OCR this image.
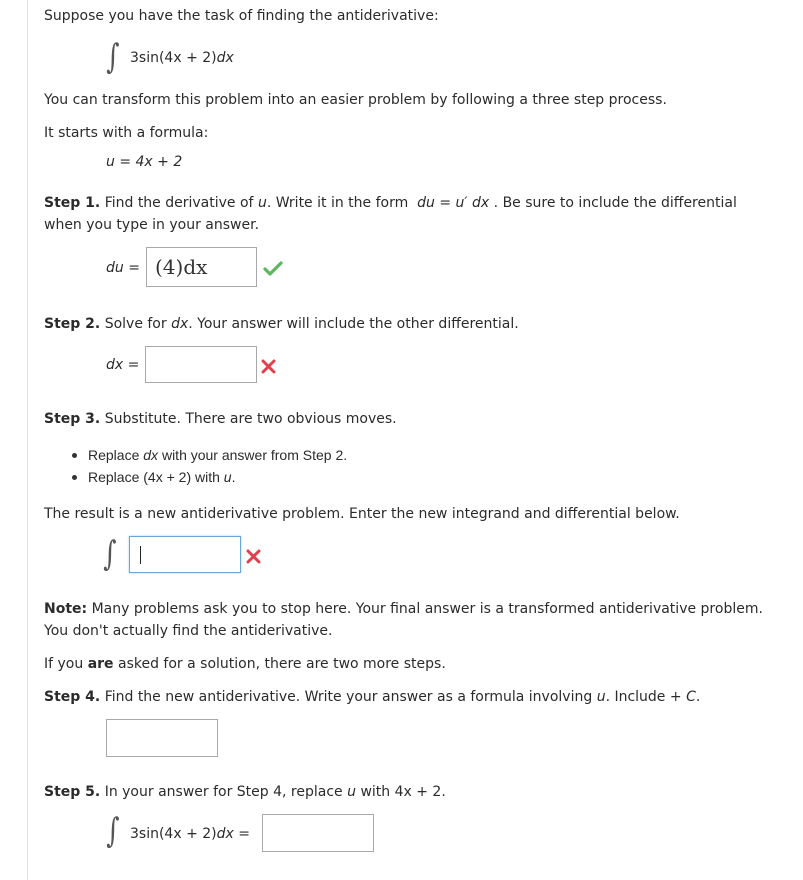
Suppose you have the task of finding the antiderivative:
∫ 3sin(4x + 2)dx
You can transform this problem into an easier problem by following a three step process.
It starts with a formula:
u = 4x + 2
Step 1. Find the derivative of u. Write it in the form du = u′ dx . Be sure to include the differential
when you type in your answer.
du = (4)dx
Step 2. Solve for dx. Your answer will include the other differential.
dx =
Step 3. Substitute. There are two obvious moves.
Replace dx with your answer from Step 2.
Replace (4x + 2) with u.
The result is a new antiderivative problem. Enter the new integrand and differential below.
∫
Note: Many problems ask you to stop here. Your final answer is a transformed antiderivative problem.
You don't actually find the antiderivative.
If you are asked for a solution, there are two more steps.
Step 4. Find the new antiderivative. Write your answer as a formula involving u. Include + C.
Step 5. In your answer for Step 4, replace u with 4x + 2.
∫ 3sin(4x + 2)dx =
